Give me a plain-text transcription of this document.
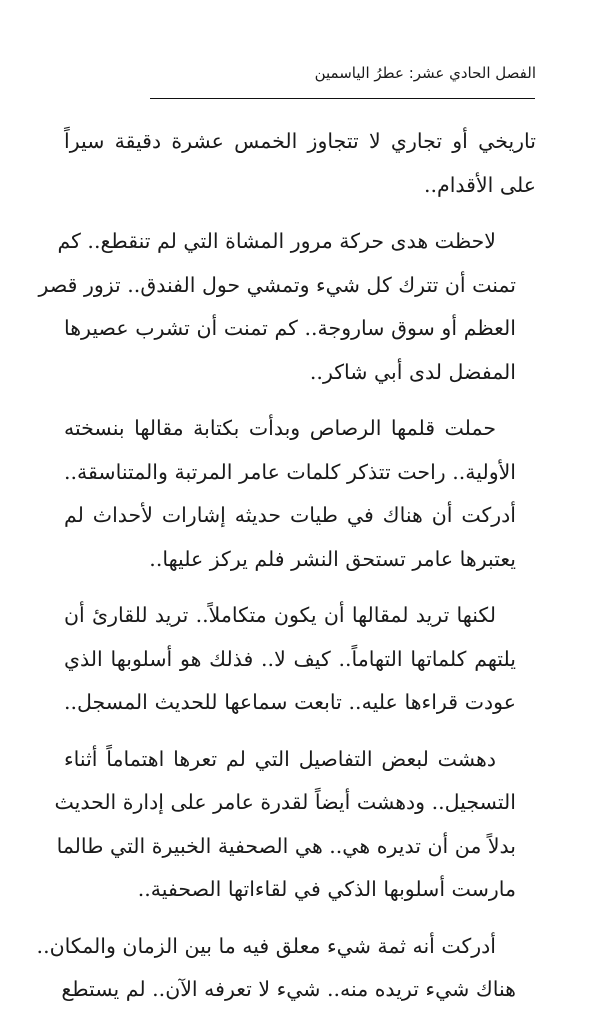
الفصل الحادي عشر: عطرُ الياسمين

تاريخي أو تجاري لا تتجاوز الخمس عشرة دقيقة سيراً
على الأقدام..

لاحظت هدى حركة مرور المشاة التي لم تنقطع.. كم
تمنت أن تترك كل شيء وتمشي حول الفندق.. تزور قصر
العظم أو سوق ساروجة.. كم تمنت أن تشرب عصيرها
المفضل لدى أبي شاكر..

حملت قلمها الرصاص وبدأت بكتابة مقالها بنسخته
الأولية.. راحت تتذكر كلمات عامر المرتبة والمتناسقة..
أدركت أن هناك في طيات حديثه إشارات لأحداث لم
يعتبرها عامر تستحق النشر فلم يركز عليها..

لكنها تريد لمقالها أن يكون متكاملاً.. تريد للقارئ أن
يلتهم كلماتها التهاماً.. كيف لا.. فذلك هو أسلوبها الذي
عودت قراءها عليه.. تابعت سماعها للحديث المسجل..

دهشت لبعض التفاصيل التي لم تعرها اهتماماً أثناء
التسجيل.. ودهشت أيضاً لقدرة عامر على إدارة الحديث
بدلاً من أن تديره هي.. هي الصحفية الخبيرة التي طالما
مارست أسلوبها الذكي في لقاءاتها الصحفية..

أدركت أنه ثمة شيء معلق فيه ما بين الزمان والمكان..
هناك شيء تريده منه.. شيء لا تعرفه الآن.. لم يستطع
